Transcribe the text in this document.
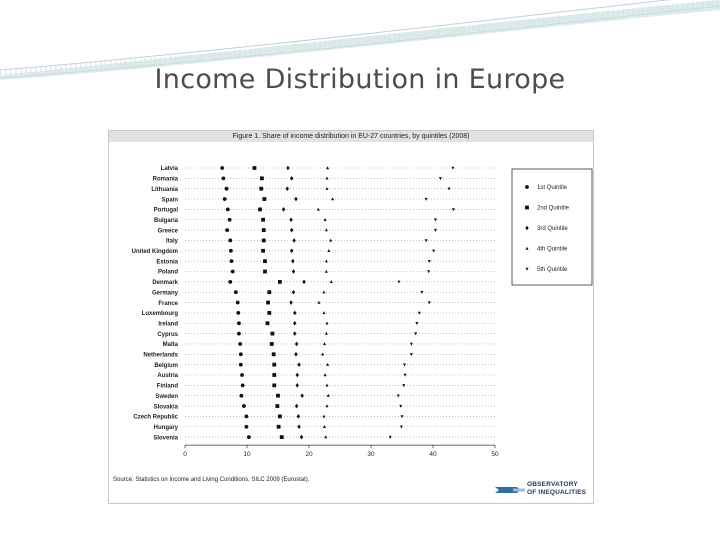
Income Distribution in Europe
Latvia
Romania
Lithuania
Spain
Portugal
Bulgaria
Greece
Italy
United Kingdom
Estonia
Poland
Denmark
Germany
France
Luxembourg
Ireland
Cyprus
Malta
Netherlands
Belgium
Austria
Finland
Sweden
Slovakia
Czech Republic
Hungary
Slovenia
0	10	20	30	40	50
1st Quintile
2nd Quintile
3rd Quintile
4th Quintile
5th Quintile
Figure 1. Share of income distribution in EU-27 countries, by quintiles (2008)
Source: Statistics on Income and Living Conditions, SILC 2009 (Eurostat).
OBSERVATORY
OF INEQUALITIES
